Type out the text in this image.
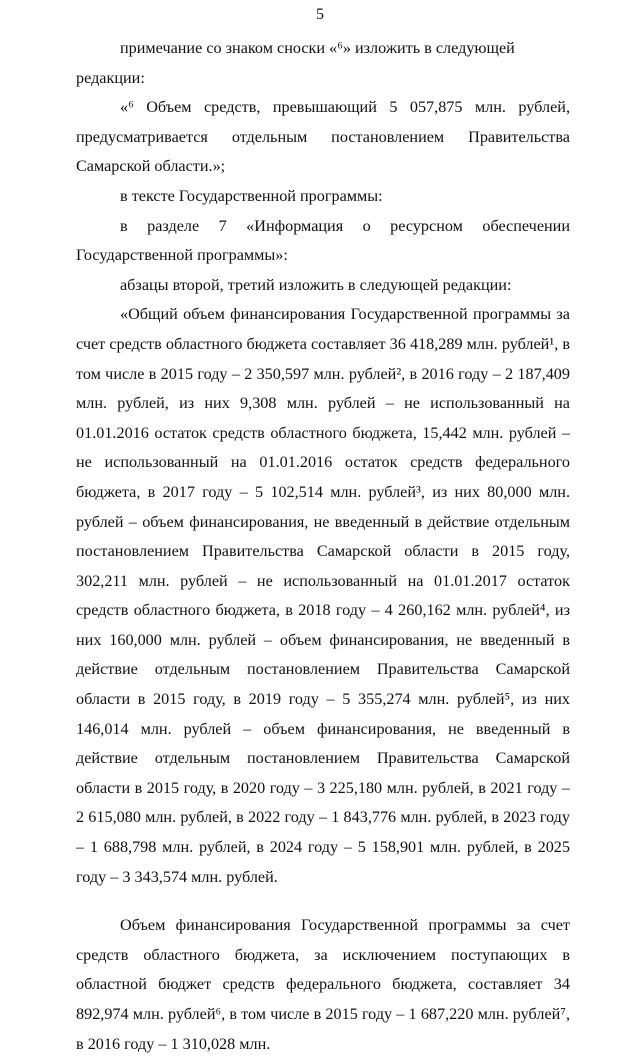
5

примечание со знаком сноски «⁶» изложить в следующей редакции:

«⁶ Объем средств, превышающий 5 057,875 млн. рублей, предусматривается отдельным постановлением Правительства Самарской области.»;

в тексте Государственной программы:

в разделе 7 «Информация о ресурсном обеспечении Государственной программы»:

абзацы второй, третий изложить в следующей редакции:

«Общий объем финансирования Государственной программы за счет средств областного бюджета составляет 36 418,289 млн. рублей¹, в том числе в 2015 году – 2 350,597 млн. рублей², в 2016 году – 2 187,409 млн. рублей, из них 9,308 млн. рублей – не использованный на 01.01.2016 остаток средств областного бюджета, 15,442 млн. рублей – не использованный на 01.01.2016 остаток средств федерального бюджета, в 2017 году – 5 102,514 млн. рублей³, из них 80,000 млн. рублей – объем финансирования, не введенный в действие отдельным постановлением Правительства Самарской области в 2015 году, 302,211 млн. рублей – не использованный на 01.01.2017 остаток средств областного бюджета, в 2018 году – 4 260,162 млн. рублей⁴, из них 160,000 млн. рублей – объем финансирования, не введенный в действие отдельным постановлением Правительства Самарской области в 2015 году, в 2019 году – 5 355,274 млн. рублей⁵, из них 146,014 млн. рублей – объем финансирования, не введенный в действие отдельным постановлением Правительства Самарской области в 2015 году, в 2020 году – 3 225,180 млн. рублей, в 2021 году – 2 615,080 млн. рублей, в 2022 году – 1 843,776 млн. рублей, в 2023 году – 1 688,798 млн. рублей, в 2024 году – 5 158,901 млн. рублей, в 2025 году – 3 343,574 млн. рублей.

Объем финансирования Государственной программы за счет средств областного бюджета, за исключением поступающих в областной бюджет средств федерального бюджета, составляет 34 892,974 млн. рублей⁶, в том числе в 2015 году – 1 687,220 млн. рублей⁷, в 2016 году – 1 310,028 млн.
